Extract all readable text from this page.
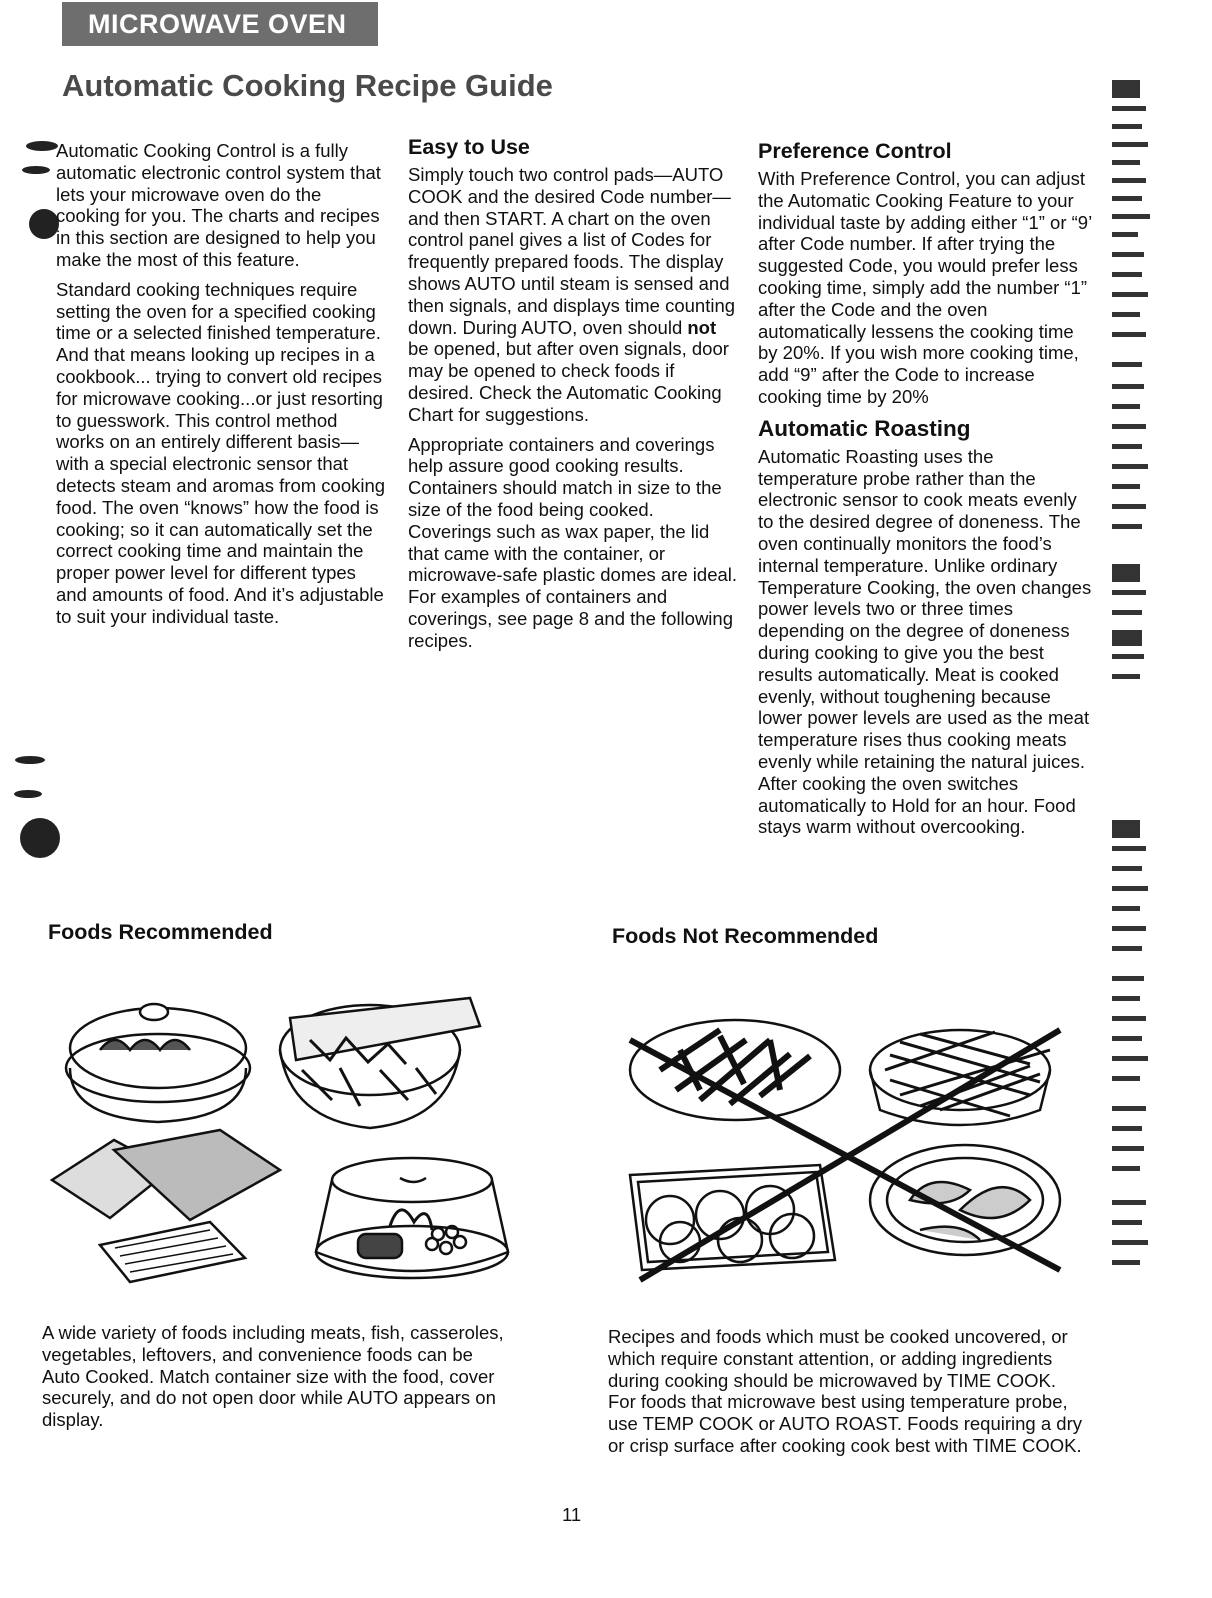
MICROWAVE OVEN
Automatic Cooking Recipe Guide

Automatic Cooking Control is a fully automatic electronic control system that lets your microwave oven do the cooking for you. The charts and recipes in this section are designed to help you make the most of this feature.

Standard cooking techniques require setting the oven for a specified cooking time or a selected finished temperature. And that means looking up recipes in a cookbook... trying to convert old recipes for microwave cooking...or just resorting to guesswork. This control method works on an entirely different basis—with a special electronic sensor that detects steam and aromas from cooking food. The oven “knows” how the food is cooking; so it can automatically set the correct cooking time and maintain the proper power level for different types and amounts of food. And it’s adjustable to suit your individual taste.

Easy to Use

Simply touch two control pads—AUTO COOK and the desired Code number—and then START. A chart on the oven control panel gives a list of Codes for frequently prepared foods. The display shows AUTO until steam is sensed and then signals, and displays time counting down. During AUTO, oven should not be opened, but after oven signals, door may be opened to check foods if desired. Check the Automatic Cooking Chart for suggestions.

Appropriate containers and coverings help assure good cooking results. Containers should match in size to the size of the food being cooked. Coverings such as wax paper, the lid that came with the container, or microwave-safe plastic domes are ideal. For examples of containers and coverings, see page 8 and the following recipes.

Preference Control

With Preference Control, you can adjust the Automatic Cooking Feature to your individual taste by adding either “1” or “9’ after Code number. If after trying the suggested Code, you would prefer less cooking time, simply add the number “1” after the Code and the oven automatically lessens the cooking time by 20%. If you wish more cooking time, add “9” after the Code to increase cooking time by 20%

Automatic Roasting

Automatic Roasting uses the temperature probe rather than the electronic sensor to cook meats evenly to the desired degree of doneness. The oven continually monitors the food’s internal temperature. Unlike ordinary Temperature Cooking, the oven changes power levels two or three times depending on the degree of doneness during cooking to give you the best results automatically. Meat is cooked evenly, without toughening because lower power levels are used as the meat temperature rises thus cooking meats evenly while retaining the natural juices. After cooking the oven switches automatically to Hold for an hour. Food stays warm without overcooking.

Foods Recommended

A wide variety of foods including meats, fish, casseroles, vegetables, leftovers, and convenience foods can be Auto Cooked. Match container size with the food, cover securely, and do not open door while AUTO appears on display.

Foods Not Recommended

Recipes and foods which must be cooked uncovered, or which require constant attention, or adding ingredients during cooking should be microwaved by TIME COOK. For foods that microwave best using temperature probe, use TEMP COOK or AUTO ROAST. Foods requiring a dry or crisp surface after cooking cook best with TIME COOK.

11
